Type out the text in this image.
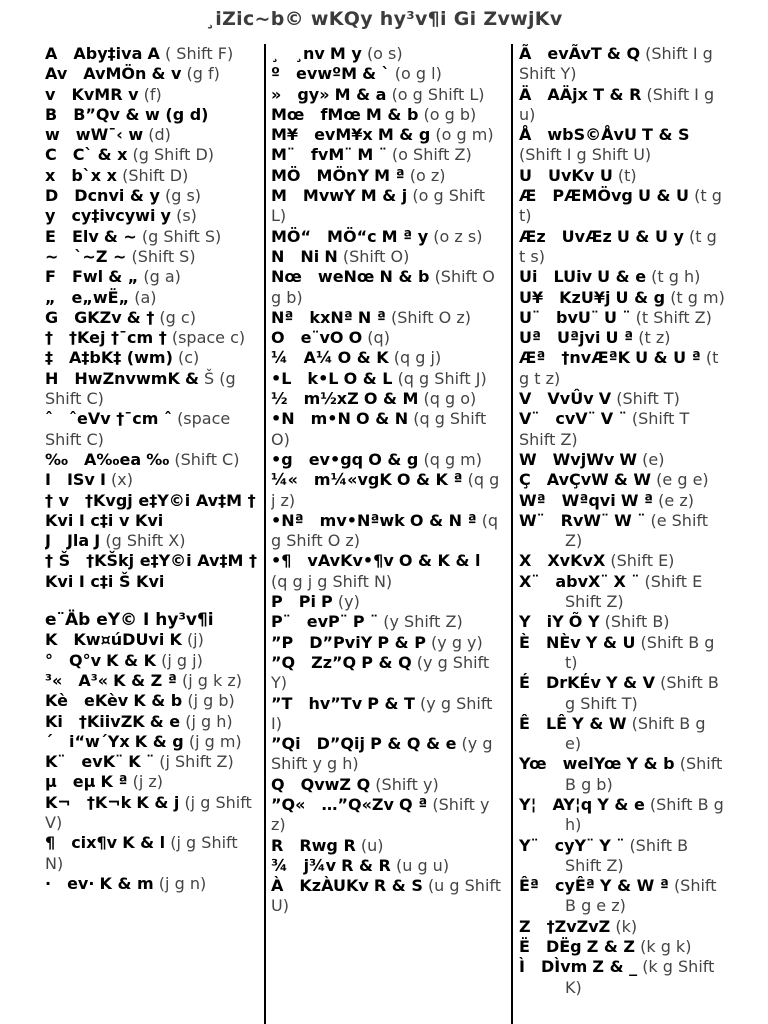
¸iZic~b© wKQy hy³v¶i Gi ZvwjKv

A  Aby‡iva A ( Shift F)

Av  AvMÖn & v (g f)

v  KvMR v (f)

B  B”Qv & w (g d)

w  wW¯‹ w (d)

C  C` & x (g Shift D)

x  b`x x (Shift D)

D  Dcnvi & y (g s)

y  cy‡ivcywi y (s)

E  Elv & ~ (g Shift S)

~  `~Z ~ (Shift S)

F  Fwl & „ (g a)

„  e„wË„ (a)

G  GKZv & † (g c)

†  †Kej †¯cm † (space c)

‡  A‡bK‡ (wm) (c)

H  HwZnvwmK & Š (g Shift C)

ˆ  ˆeVv †¯cm ˆ (space Shift C)

‰  A‰ea ‰ (Shift C)

I  ISv I (x)

† v  †Kvgj e‡Y©i Av‡M † Kvi I c‡i v Kvi

J  Jla J (g Shift X)

† Š  †KŠkj e‡Y©i Av‡M † Kvi I c‡i Š Kvi

e¨Äb eY© I hy³v¶i

K  Kw¤úDUvi K (j)

°  Q°v K & K (j g j)

³«  A³« K & Z ª (j g k z)

Kè  eKèv K & b (j g b)

Ki  †KiivZK & e (j g h)

´  i“w´Yx K & g (j g m)

K¨  evK¨ K ¨ (j Shift Z)

µ  eµ K ª (j z)

K¬  †K¬k K & j (j g Shift V)

¶  cix¶v K & l (j g Shift N)

·  ev· K & m (j g n)

¸  ¸nv M y (o s)

º  evwºM & ` (o g l)

»  gy» M & a (o g Shift L)

Mœ  fMœ M & b (o g b)

M¥  evM¥x M & g (o g m)

M¨  fvM¨ M ¨ (o Shift Z)

MÖ  MÖnY M ª (o z)

M  MvwY M & j (o g Shift L)

MÖ“  MÖ“c M ª y (o z s)

N  Ni N (Shift O)

Nœ  weNœ N & b (Shift O g b)

Nª  kxNª N ª (Shift O z)

O  e¨vO O (q)

¼  A¼ O & K (q g j)

•L  k•L O & L (q g Shift J)

½  m½xZ O & M (q g o)

•N  m•N O & N (q g Shift O)

•g  ev•gq O & g (q g m)

¼«  m¼«vgK O & K ª (q g j z)

•Nª  mv•Nªwk O & N ª (q g Shift O z)

•¶  vAvKv•¶v O & K & l (q g j g Shift N)

P  Pi P (y)

P¨  evP¨ P ¨ (y Shift Z)

”P  D”PviY P & P (y g y)

”Q  Zz”Q P & Q (y g Shift Y)

”T  hv”Tv P & T (y g Shift I)

”Qi  D”Qij P & Q & e (y g Shift y g h)

Q  QvwZ Q (Shift y)

”Q«  …”Q«Zv Q ª (Shift y z)

R  Rwg R (u)

¾  j¾v R & R (u g u)

À  KzÀUKv R & S (u g Shift U)

Ã  evÃvT & Q (Shift I g Shift Y)

Ä  AÄjx T & R (Shift I g u)

Å  wbS©ÅvU T & S (Shift I g Shift U)

U  UvKv U (t)

Æ  PÆMÖvg U & U (t g t)

Æz  UvÆz U & U y (t g t s)

Ui  LUiv U & e (t g h)

U¥  KzU¥j U & g (t g m)

U¨  bvU¨ U ¨ (t Shift Z)

Uª  Uªjvi U ª (t z)

Æª  †nvÆªK U & U ª (t g t z)

V  VvÛv V (Shift T)

V¨  cvV¨ V ¨ (Shift T Shift Z)

W  WvjWv W (e)

Ç  AvÇvW & W (e g e)

Wª  Wªqvi W ª (e z)

W¨  RvW¨ W ¨ (e Shift Z)

X  XvKvX (Shift E)

X¨  abvX¨ X ¨ (Shift E Shift Z)

Y  iY Õ Y (Shift B)

È  NÈv Y & U (Shift B g t)

É  DrKÉv Y & V (Shift B g Shift T)

Ê  LÊ Y & W (Shift B g e)

Yœ  welYœ Y & b (Shift B g b)

Y¦  AY¦q Y & e (Shift B g h)

Y¨  cyY¨ Y ¨ (Shift B Shift Z)

Êª  cyÊª Y & W ª (Shift B g e z)

Z  †ZvZvZ (k)

Ë  DËg Z & Z (k g k)

Ì  DÌvm Z & _ (k g Shift K)
